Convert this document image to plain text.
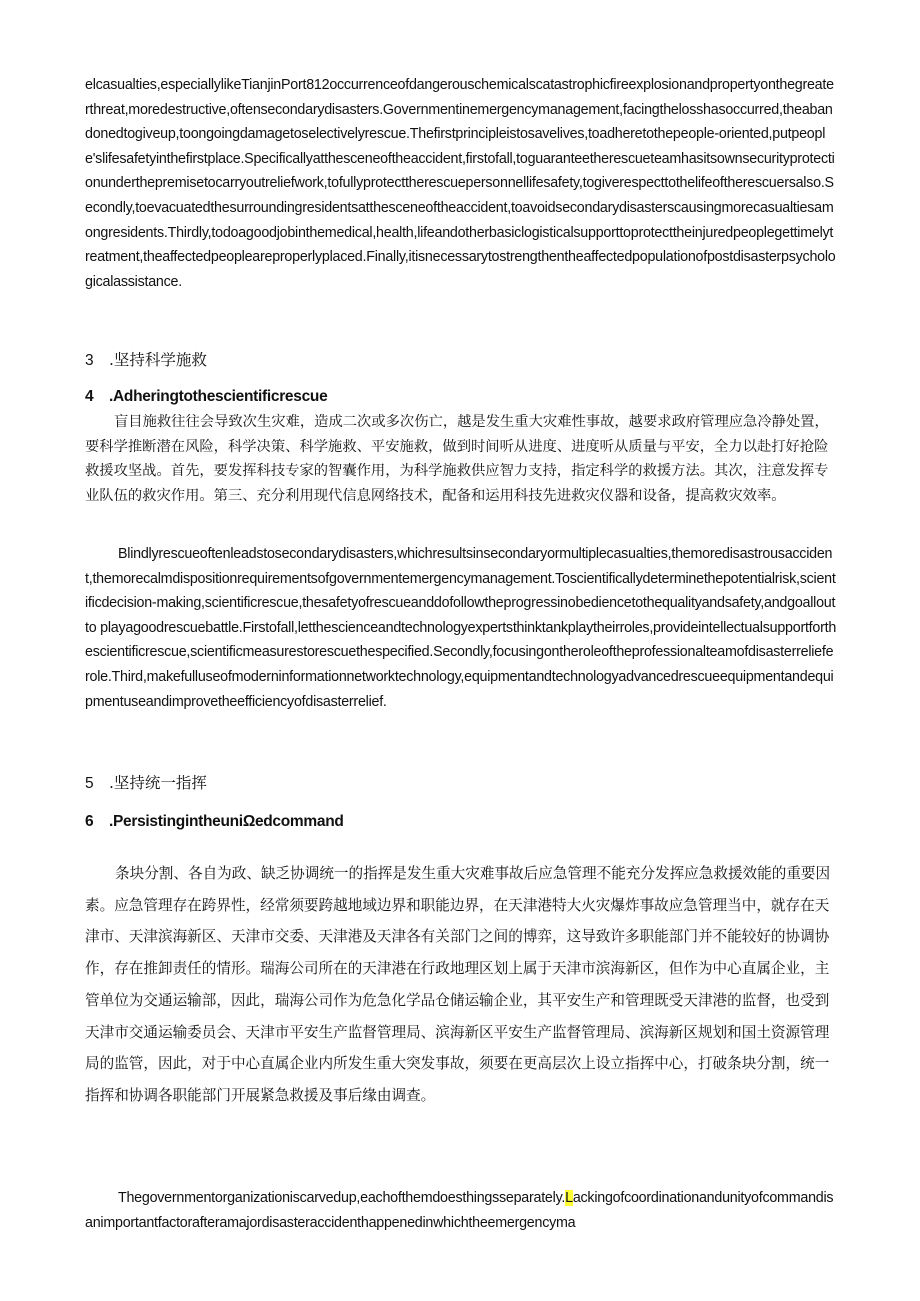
elcasualties,especiallylikeTianjinPort812occurrenceofdangerouschemicalscatastrophicfireexplosionandpropertyonthegreaterthreat,moredestructive,oftensecondarydisasters.Governmentinemergencymanagement,facingthelosshasoccurred,theabandonedtogiveup,toongoingdamagetoselectivelyrescue.Thefirstprincipleistosavelives,toadheretothepeople-oriented,putpeople'slifesafetyinthefirstplace.Specificallyatthesceneoftheaccident,firstofall,toguaranteetherescueteamhasitsownsecurityprotectionunderthepremisetocarryoutreliefwork,tofullyprotecttherescuepersonnellifesafety,togiverespecttothelifeoftherescuersalso.Secondly,toevacuatedthesurroundingresidentsatthesceneoftheaccident,toavoidsecondarydisasterscausingmorecasualtiesamongresidents.Thirdly,todoagoodjobinthemedical,health,lifeandotherbasiclogisticalsupporttoprotecttheinjuredpeoplegettimelytreatment,theaffectedpeopleareproperlyplaced.Finally,itisnecessarytostrengthentheaffectedpopulationofpostdisasterpsychologicalassistance.

3 .坚持科学施救
4 .Adheringtothescientificrescue

盲目施救往往会导致次生灾难，造成二次或多次伤亡，越是发生重大灾难性事故，越要求政府管理应急冷静处置，要科学推断潜在风险，科学决策、科学施救、平安施救，做到时间听从进度、进度听从质量与平安，全力以赴打好抢险救援攻坚战。首先，要发挥科技专家的智囊作用，为科学施救供应智力支持，指定科学的救援方法。其次，注意发挥专业队伍的救灾作用。第三、充分利用现代信息网络技术，配备和运用科技先进救灾仪器和设备，提高救灾效率。

Blindlyrescueoftenleadstosecondarydisasters,whichresultsinsecondaryormultiplecasualties,themoredisastrousaccident,themorecalmdispositionrequirementsofgovernmentemergencymanagement.Toscientificallydeterminethepotentialrisk,scientificdecision-making,scientificrescue,thesafetyofrescueanddofollowtheprogressinobediencetothequalityandsafety,andgoalloutto playagoodrescuebattle.Firstofall,letthescienceandtechnologyexpertsthinktankplaytheirroles,provideintellectualsupportforthescientificrescue,scientificmeasurestorescuethespecified.Secondly,focusingontheroleoftheprofessionalteamofdisasterrelieferole.Third,makefulluseofmoderninformationnetworktechnology,equipmentandtechnologyadvancedrescueequipmentandequipmentuseandimprovetheefficiencyofdisasterrelief.

5 .坚持统一指挥
6 .PersistingintheuniΩedcommand

条块分割、各自为政、缺乏协调统一的指挥是发生重大灾难事故后应急管理不能充分发挥应急救援效能的重要因素。应急管理存在跨界性，经常须要跨越地域边界和职能边界，在天津港特大火灾爆炸事故应急管理当中，就存在天津市、天津滨海新区、天津市交委、天津港及天津各有关部门之间的博弈，这导致许多职能部门并不能较好的协调协作，存在推卸责任的情形。瑞海公司所在的天津港在行政地理区划上属于天津市滨海新区，但作为中心直属企业，主管单位为交通运输部，因此，瑞海公司作为危急化学品仓储运输企业，其平安生产和管理既受天津港的监督，也受到天津市交通运输委员会、天津市平安生产监督管理局、滨海新区平安生产监督管理局、滨海新区规划和国土资源管理局的监管，因此，对于中心直属企业内所发生重大突发事故，须要在更高层次上设立指挥中心，打破条块分割，统一指挥和协调各职能部门开展紧急救援及事后缘由调查。

Thegovernmentorganizationiscarvedup,eachofthemdoesthingsseparately.Lackingofcoordinationandunityofcommandisanimportantfactorafteramajordisasteraccidenthappenedinwhichtheemergencyma
